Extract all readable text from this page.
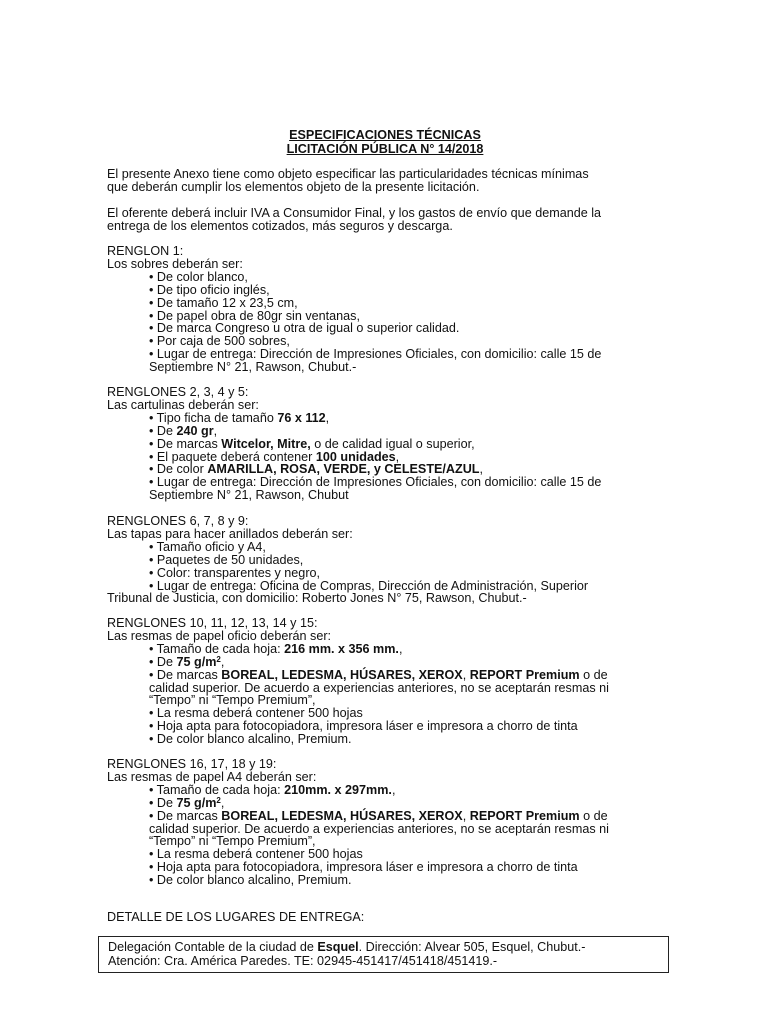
ESPECIFICACIONES TÉCNICAS
LICITACIÓN PÚBLICA N° 14/2018
El presente Anexo tiene como objeto especificar las particularidades técnicas mínimas
que deberán cumplir los elementos objeto de la presente licitación.
El oferente deberá incluir IVA a Consumidor Final, y los gastos de envío que demande la
entrega de los elementos cotizados, más seguros y descarga.
RENGLON 1:
Los sobres deberán ser:
• De color blanco,
• De tipo oficio inglés,
• De tamaño 12 x 23,5 cm,
• De papel obra de 80gr sin ventanas,
• De marca Congreso u otra de igual o superior calidad.
• Por caja de 500 sobres,
• Lugar de entrega: Dirección de Impresiones Oficiales, con domicilio: calle 15 de
Septiembre N° 21, Rawson, Chubut.-
RENGLONES 2, 3, 4 y 5:
Las cartulinas deberán ser:
• Tipo ficha de tamaño 76 x 112,
• De 240 gr,
• De marcas Witcelor, Mitre, o de calidad igual o superior,
• El paquete deberá contener 100 unidades,
• De color AMARILLA, ROSA, VERDE, y CELESTE/AZUL,
• Lugar de entrega: Dirección de Impresiones Oficiales, con domicilio: calle 15 de
Septiembre N° 21, Rawson, Chubut
RENGLONES 6, 7, 8 y 9:
Las tapas para hacer anillados deberán ser:
• Tamaño oficio y A4,
• Paquetes de 50 unidades,
• Color: transparentes y negro,
• Lugar de entrega: Oficina de Compras, Dirección de Administración, Superior
Tribunal de Justicia, con domicilio: Roberto Jones N° 75, Rawson, Chubut.-
RENGLONES 10, 11, 12, 13, 14 y 15:
Las resmas de papel oficio deberán ser:
• Tamaño de cada hoja: 216 mm. x 356 mm.,
• De 75 $g/m^2$,
• De marcas BOREAL, LEDESMA, HÚSARES, XEROX, REPORT Premium o de
calidad superior. De acuerdo a experiencias anteriores, no se aceptarán resmas ni
“Tempo” ni “Tempo Premium”,
• La resma deberá contener 500 hojas
• Hoja apta para fotocopiadora, impresora láser e impresora a chorro de tinta
• De color blanco alcalino, Premium.
RENGLONES 16, 17, 18 y 19:
Las resmas de papel A4 deberán ser:
• Tamaño de cada hoja: 210mm. x 297mm.,
• De 75 $g/m^2$,
• De marcas BOREAL, LEDESMA, HÚSARES, XEROX, REPORT Premium o de
calidad superior. De acuerdo a experiencias anteriores, no se aceptarán resmas ni
“Tempo” ni “Tempo Premium”,
• La resma deberá contener 500 hojas
• Hoja apta para fotocopiadora, impresora láser e impresora a chorro de tinta
• De color blanco alcalino, Premium.
DETALLE DE LOS LUGARES DE ENTREGA:
Delegación Contable de la ciudad de Esquel. Dirección: Alvear 505, Esquel, Chubut.-
Atención: Cra. América Paredes. TE: 02945-451417/451418/451419.-
